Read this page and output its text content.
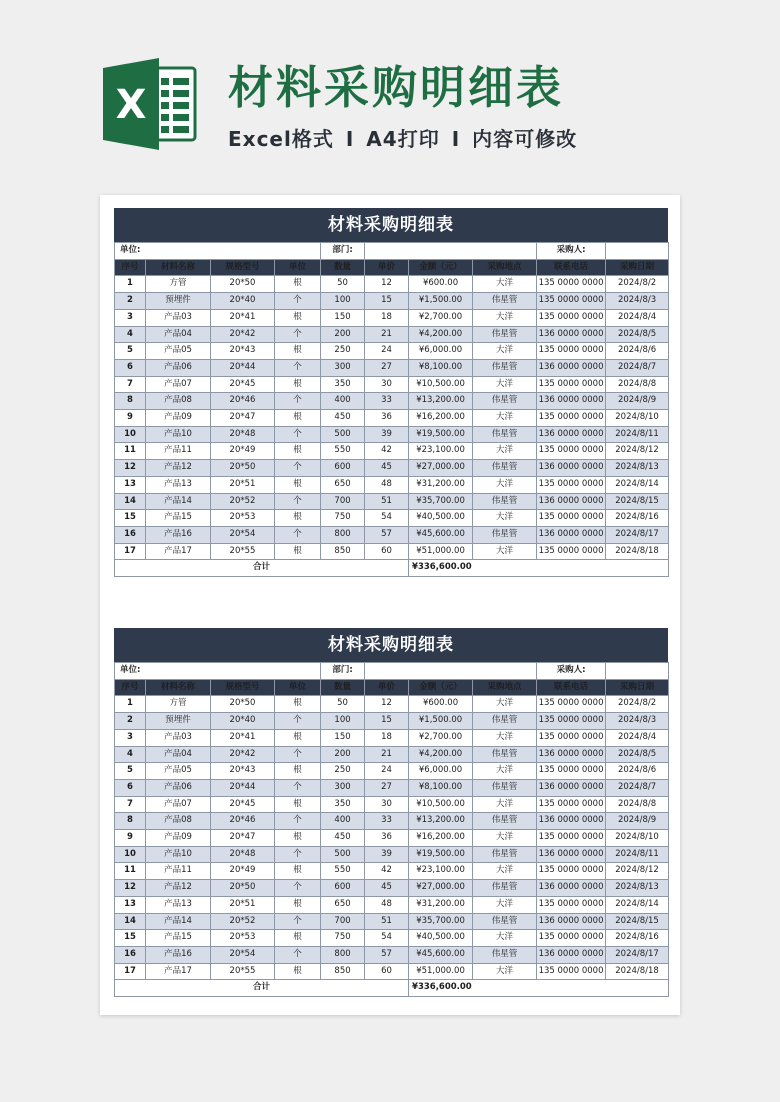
X 材料采购明细表
Excel格式 I A4打印 I 内容可修改
材料采购明细表
单位:				部门:				采购人:	
序号	材料名称	规格型号	单位	数量	单价	金额（元）	采购地点	联系电话	采购日期
1	方管	20*50	根	50	12	¥600.00	大洋	135 0000 0000	2024/8/2
2	预埋件	20*40	个	100	15	¥1,500.00	伟星管	135 0000 0000	2024/8/3
3	产品03	20*41	根	150	18	¥2,700.00	大洋	135 0000 0000	2024/8/4
4	产品04	20*42	个	200	21	¥4,200.00	伟星管	136 0000 0000	2024/8/5
5	产品05	20*43	根	250	24	¥6,000.00	大洋	135 0000 0000	2024/8/6
6	产品06	20*44	个	300	27	¥8,100.00	伟星管	136 0000 0000	2024/8/7
7	产品07	20*45	根	350	30	¥10,500.00	大洋	135 0000 0000	2024/8/8
8	产品08	20*46	个	400	33	¥13,200.00	伟星管	136 0000 0000	2024/8/9
9	产品09	20*47	根	450	36	¥16,200.00	大洋	135 0000 0000	2024/8/10
10	产品10	20*48	个	500	39	¥19,500.00	伟星管	136 0000 0000	2024/8/11
11	产品11	20*49	根	550	42	¥23,100.00	大洋	135 0000 0000	2024/8/12
12	产品12	20*50	个	600	45	¥27,000.00	伟星管	136 0000 0000	2024/8/13
13	产品13	20*51	根	650	48	¥31,200.00	大洋	135 0000 0000	2024/8/14
14	产品14	20*52	个	700	51	¥35,700.00	伟星管	136 0000 0000	2024/8/15
15	产品15	20*53	根	750	54	¥40,500.00	大洋	135 0000 0000	2024/8/16
16	产品16	20*54	个	800	57	¥45,600.00	伟星管	136 0000 0000	2024/8/17
17	产品17	20*55	根	850	60	¥51,000.00	大洋	135 0000 0000	2024/8/18
合计						¥336,600.00			
材料采购明细表
单位:				部门:				采购人:	
序号	材料名称	规格型号	单位	数量	单价	金额（元）	采购地点	联系电话	采购日期
1	方管	20*50	根	50	12	¥600.00	大洋	135 0000 0000	2024/8/2
2	预埋件	20*40	个	100	15	¥1,500.00	伟星管	135 0000 0000	2024/8/3
3	产品03	20*41	根	150	18	¥2,700.00	大洋	135 0000 0000	2024/8/4
4	产品04	20*42	个	200	21	¥4,200.00	伟星管	136 0000 0000	2024/8/5
5	产品05	20*43	根	250	24	¥6,000.00	大洋	135 0000 0000	2024/8/6
6	产品06	20*44	个	300	27	¥8,100.00	伟星管	136 0000 0000	2024/8/7
7	产品07	20*45	根	350	30	¥10,500.00	大洋	135 0000 0000	2024/8/8
8	产品08	20*46	个	400	33	¥13,200.00	伟星管	136 0000 0000	2024/8/9
9	产品09	20*47	根	450	36	¥16,200.00	大洋	135 0000 0000	2024/8/10
10	产品10	20*48	个	500	39	¥19,500.00	伟星管	136 0000 0000	2024/8/11
11	产品11	20*49	根	550	42	¥23,100.00	大洋	135 0000 0000	2024/8/12
12	产品12	20*50	个	600	45	¥27,000.00	伟星管	136 0000 0000	2024/8/13
13	产品13	20*51	根	650	48	¥31,200.00	大洋	135 0000 0000	2024/8/14
14	产品14	20*52	个	700	51	¥35,700.00	伟星管	136 0000 0000	2024/8/15
15	产品15	20*53	根	750	54	¥40,500.00	大洋	135 0000 0000	2024/8/16
16	产品16	20*54	个	800	57	¥45,600.00	伟星管	136 0000 0000	2024/8/17
17	产品17	20*55	根	850	60	¥51,000.00	大洋	135 0000 0000	2024/8/18
合计						¥336,600.00			
